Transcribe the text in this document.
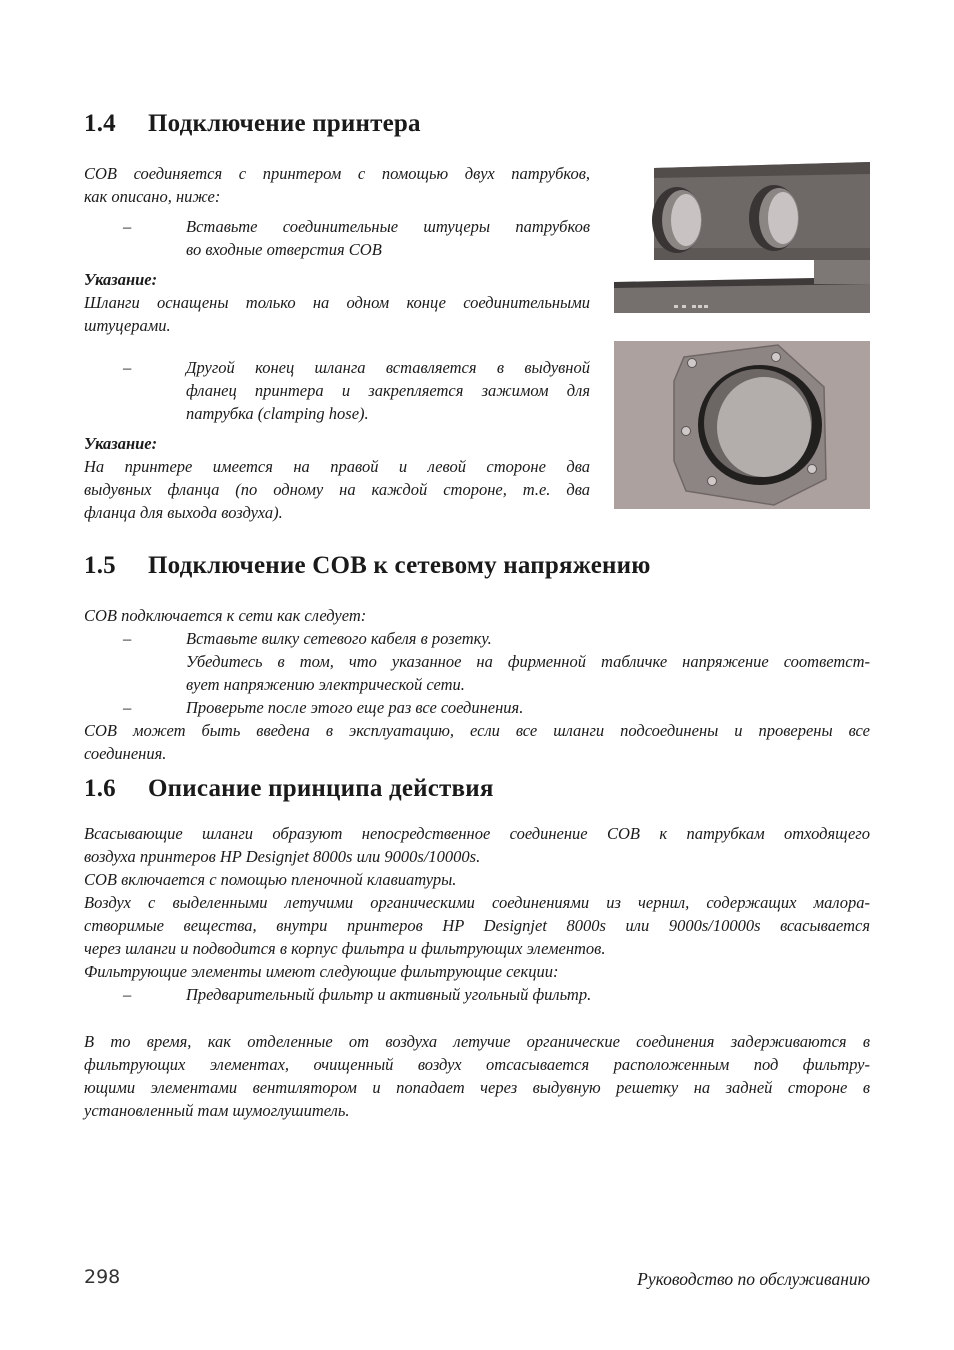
1.4 Подключение принтера
СОВ соединяется с принтером с помощью двух патрубков,
как описано, ниже:
–	Вставьте соединительные штуцеры патрубков
во входные отверстия СОВ
Указание:
Шланги оснащены только на одном конце соединительными
штуцерами.
–	Другой конец шланга вставляется в выдувной
фланец принтера и закрепляется зажимом для
патрубка (clamping hose).
Указание:
На принтере имеется на правой и левой стороне два
выдувных фланца (по одному на каждой стороне, т.е. два
фланца для выхода воздуха).
1.5 Подключение СОВ к сетевому напряжению
СОВ подключается к сети как следует:
–	Вставьте вилку сетевого кабеля в розетку.
Убедитесь в том, что указанное на фирменной табличке напряжение соответст-
вует напряжению электрической сети.
–	Проверьте после этого еще раз все соединения.
СОВ может быть введена в эксплуатацию, если все шланги подсоединены и проверены все
соединения.
1.6 Описание принципа действия
Всасывающие шланги образуют непосредственное соединение СОВ к патрубкам отходящего
воздуха принтеров HP Designjet 8000s или 9000s/10000s.
СОВ включается с помощью пленочной клавиатуры.
Воздух с выделенными летучими органическими соединениями из чернил, содержащих малора-
створимые вещества, внутри принтеров HP Designjet 8000s или 9000s/10000s всасывается
через шланги и подводится в корпус фильтра и фильтрующих элементов.
Фильтрующие элементы имеют следующие фильтрующие секции:
–	Предварительный фильтр и активный угольный фильтр.
В то время, как отделенные от воздуха летучие органические соединения задерживаются в
фильтрующих элементах, очищенный воздух отсасывается расположенным под фильтру-
ющими элементами вентилятором и попадает через выдувную решетку на задней стороне в
установленный там шумоглушитель.
298	Руководство по обслуживанию
